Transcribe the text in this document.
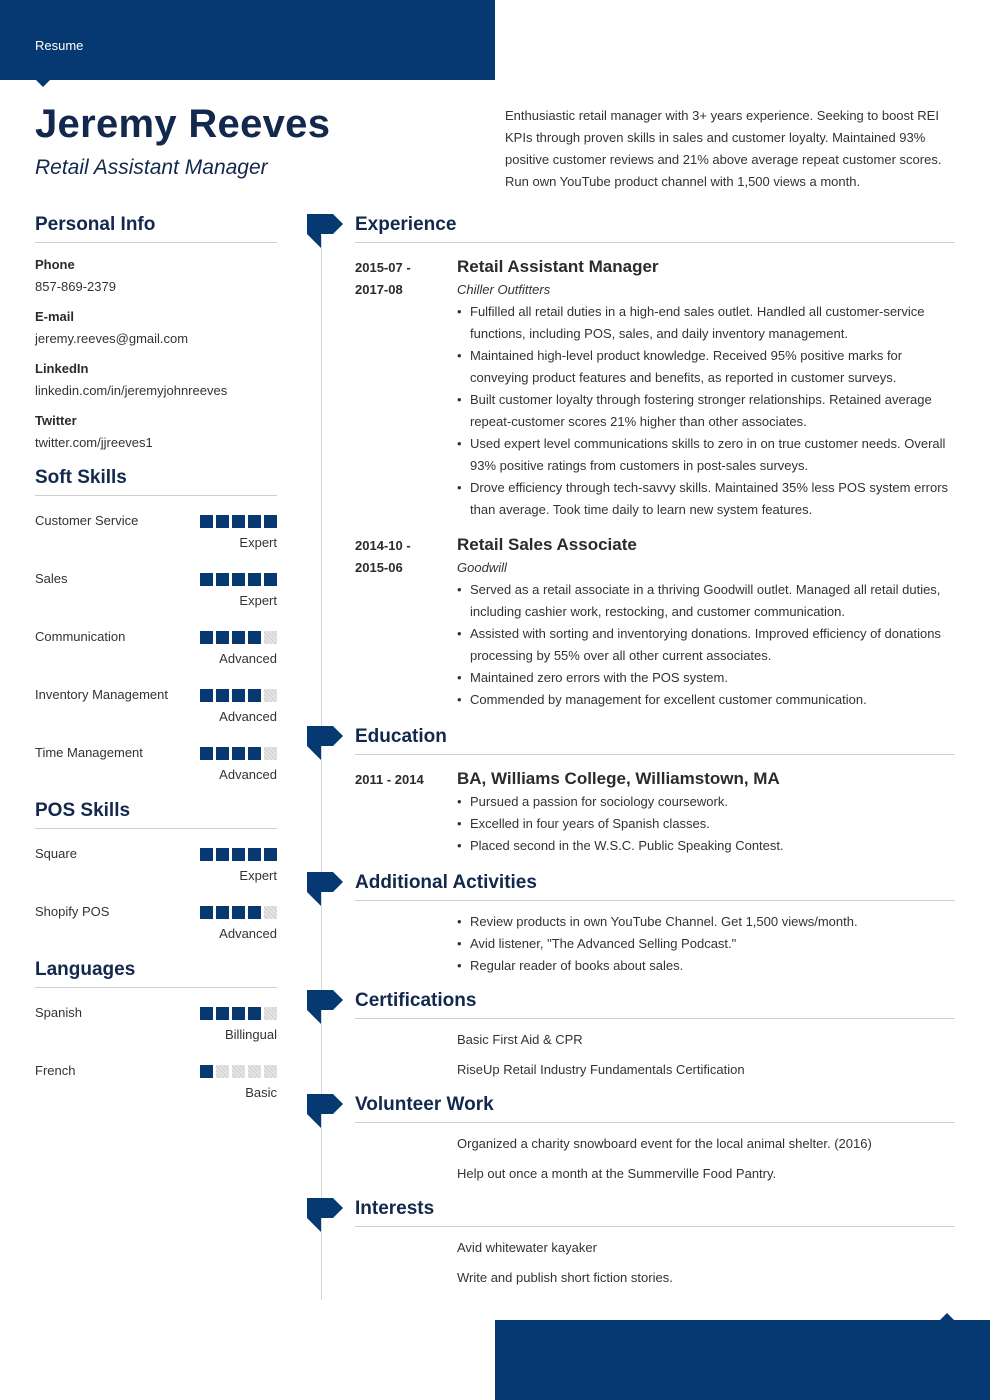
Resume
Jeremy Reeves
Retail Assistant Manager
Enthusiastic retail manager with 3+ years experience. Seeking to boost REI KPIs through proven skills in sales and customer loyalty. Maintained 93% positive customer reviews and 21% above average repeat customer scores. Run own YouTube product channel with 1,500 views a month.
Personal Info
Phone
857-869-2379
E-mail
jeremy.reeves@gmail.com
LinkedIn
linkedin.com/in/jeremyjohnreeves
Twitter
twitter.com/jjreeves1
Soft Skills
Customer Service
Expert
Sales
Expert
Communication
Advanced
Inventory Management
Advanced
Time Management
Advanced
POS Skills
Square
Expert
Shopify POS
Advanced
Languages
Spanish
Billingual
French
Basic
Experience
2015-07 - 2017-08
Retail Assistant Manager
Chiller Outfitters
• Fulfilled all retail duties in a high-end sales outlet. Handled all customer-service functions, including POS, sales, and daily inventory management.
• Maintained high-level product knowledge. Received 95% positive marks for conveying product features and benefits, as reported in customer surveys.
• Built customer loyalty through fostering stronger relationships. Retained average repeat-customer scores 21% higher than other associates.
• Used expert level communications skills to zero in on true customer needs. Overall 93% positive ratings from customers in post-sales surveys.
• Drove efficiency through tech-savvy skills. Maintained 35% less POS system errors than average. Took time daily to learn new system features.
2014-10 - 2015-06
Retail Sales Associate
Goodwill
• Served as a retail associate in a thriving Goodwill outlet. Managed all retail duties, including cashier work, restocking, and customer communication.
• Assisted with sorting and inventorying donations. Improved efficiency of donations processing by 55% over all other current associates.
• Maintained zero errors with the POS system.
• Commended by management for excellent customer communication.
Education
2011 - 2014	BA, Williams College, Williamstown, MA
• Pursued a passion for sociology coursework.
• Excelled in four years of Spanish classes.
• Placed second in the W.S.C. Public Speaking Contest.
Additional Activities
• Review products in own YouTube Channel. Get 1,500 views/month.
• Avid listener, "The Advanced Selling Podcast."
• Regular reader of books about sales.
Certifications
Basic First Aid & CPR
RiseUp Retail Industry Fundamentals Certification
Volunteer Work
Organized a charity snowboard event for the local animal shelter. (2016)
Help out once a month at the Summerville Food Pantry.
Interests
Avid whitewater kayaker
Write and publish short fiction stories.
